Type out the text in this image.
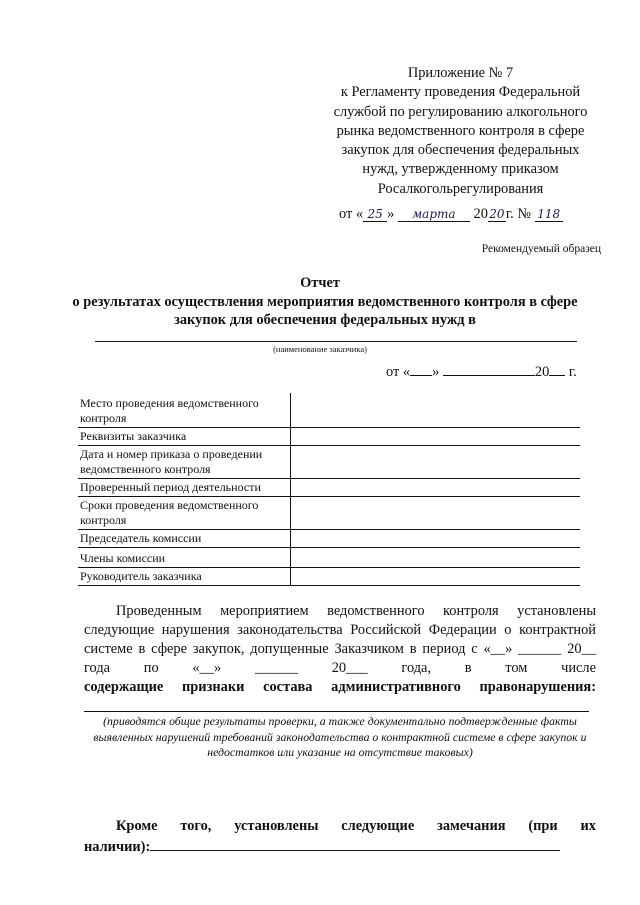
Приложение № 7
к Регламенту проведения Федеральной
службой по регулированию алкогольного
рынка ведомственного контроля в сфере
закупок для обеспечения федеральных
нужд, утвержденному приказом
Росалкогольрегулирования
от « 25 » марта 2020г. № 118
Рекомендуемый образец
Отчет
о результатах осуществления мероприятия ведомственного контроля в сфере закупок для обеспечения федеральных нужд в
(наименование заказчика)
от « »	20 г.
Место проведения ведомственного контроля	
Реквизиты заказчика	
Дата и номер приказа о проведении ведомственного контроля	
Проверенный период деятельности	
Сроки проведения ведомственного контроля	
Председатель комиссии	
Члены комиссии	
Руководитель заказчика	

Проведенным мероприятием ведомственного контроля установлены

следующие нарушения законодательства Российской Федерации о контрактной

системе в сфере закупок, допущенные Заказчиком в период с «__» ______ 20__

года по «__» ______ 20___ года, в том числе

содержащие признаки состава административного правонарушения:

(приводятся общие результаты проверки, а также документально подтвержденные факты выявленных нарушений требований законодательства о контрактной системе в сфере закупок и недостатков или указание на отсутствие таковых)
Кроме того, установлены следующие замечания (при их
наличии):
